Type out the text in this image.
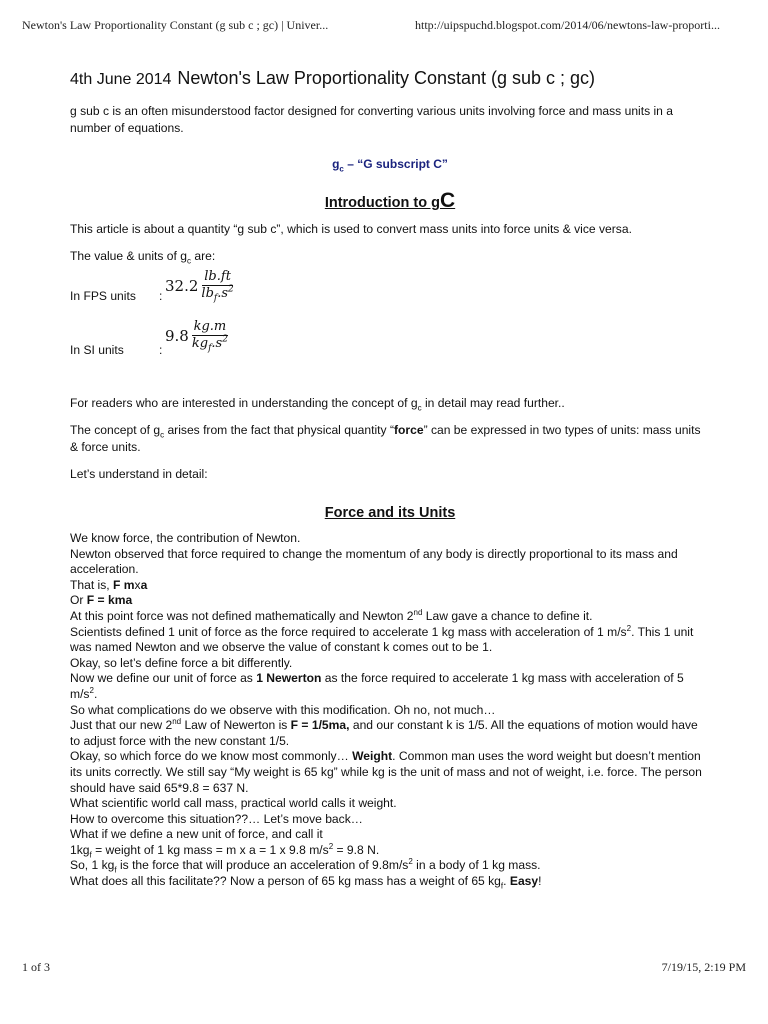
Newton's Law Proportionality Constant (g sub c ; gc) | Univer...	http://uipspuchd.blogspot.com/2014/06/newtons-law-proporti...
4th June 2014 Newton's Law Proportionality Constant (g sub c ; gc)

g sub c is an often misunderstood factor designed for converting various units involving force and mass units in a number of equations.

$g_c$ – “G subscript C”
Introduction to gC

This article is about a quantity “g sub c”, which is used to convert mass units into force units & vice versa.

The value & units of $g_c$ are:

In FPS units :
$32.2 \frac{lb.ft}{lb_f.s^2}$
In SI units	:
$9.8 \frac{kg.m}{kg_f.s^2}$

For readers who are interested in understanding the concept of $g_c$ in detail may read further..

The concept of $g_c$ arises from the fact that physical quantity “force” can be expressed in two types of units: mass units & force units.

Let’s understand in detail:

Force and its Units

We know force, the contribution of Newton.

Newton observed that force required to change the momentum of any body is directly proportional to its mass and acceleration.

That is, F mxa

Or F = kma

At this point force was not defined mathematically and Newton 2nd Law gave a chance to define it.

Scientists defined 1 unit of force as the force required to accelerate 1 kg mass with acceleration of 1 $m/s^2$. This 1 unit was named Newton and we observe the value of constant k comes out to be 1.

Okay, so let’s define force a bit differently.

Now we define our unit of force as 1 Newerton as the force required to accelerate 1 kg mass with acceleration of 5 $m/s^2$.

So what complications do we observe with this modification. Oh no, not much…

Just that our new 2nd Law of Newerton is F = 1/5ma, and our constant k is 1/5. All the equations of motion would have to adjust force with the new constant 1/5.

Okay, so which force do we know most commonly… Weight. Common man uses the word weight but doesn’t mention its units correctly. We still say “My weight is 65 kg” while kg is the unit of mass and not of weight, i.e. force. The person should have said 65*9.8 = 637 N.

What scientific world call mass, practical world calls it weight.

How to overcome this situation??… Let’s move back…

What if we define a new unit of force, and call it

$1kg_f$ = weight of 1 kg mass = m x a = 1 x 9.8 $m/s^2 = 9.8$ N.

So, 1 $kg_f$ is the force that will produce an acceleration of $9.8m/s^2$ in a body of 1 kg mass.

What does all this facilitate?? Now a person of 65 kg mass has a weight of 65 $kg_f$. Easy!

1 of 3	7/19/15, 2:19 PM
